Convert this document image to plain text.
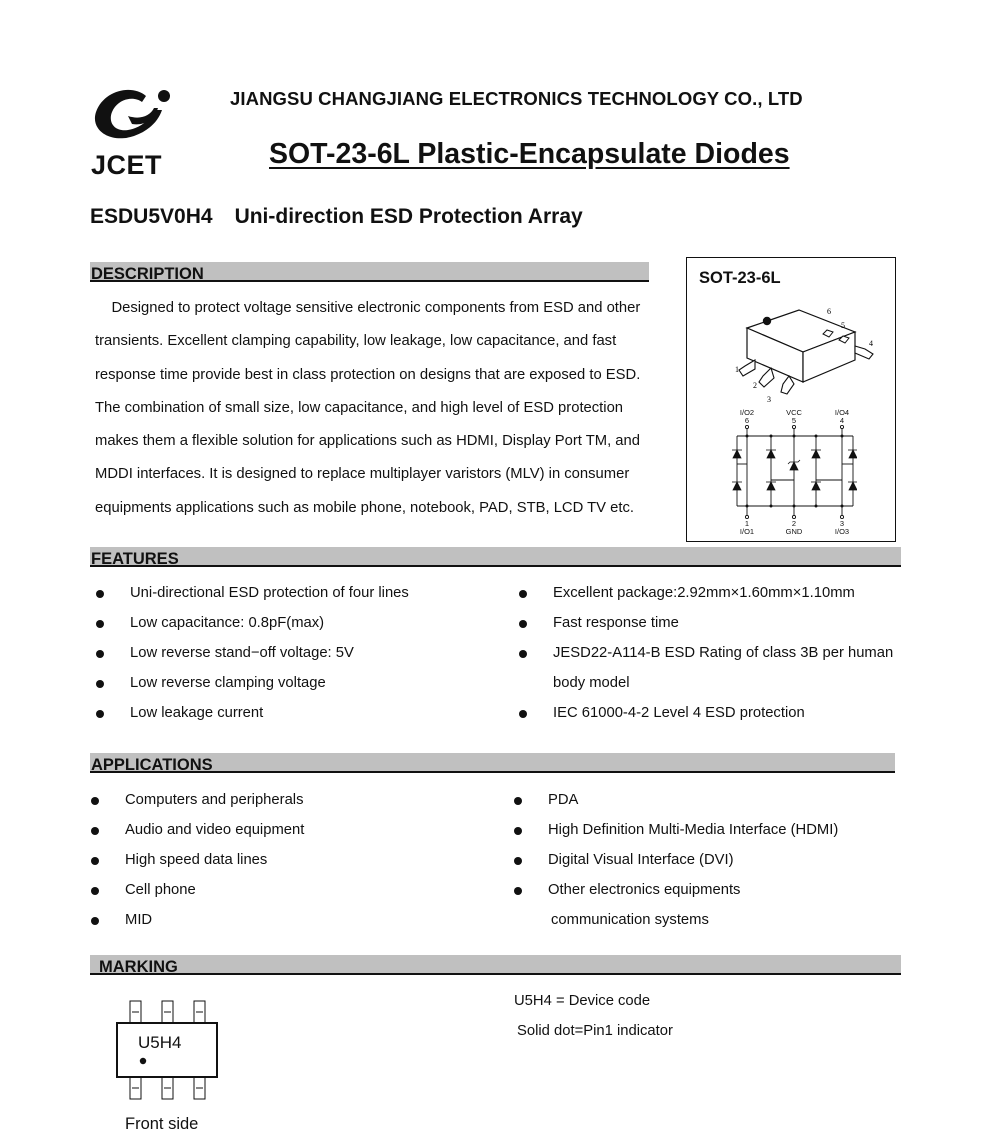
JCET
JIANGSU CHANGJIANG ELECTRONICS TECHNOLOGY CO., LTD
SOT-23-6L Plastic-Encapsulate Diodes
ESDU5V0H4 Uni-direction ESD Protection Array
DESCRIPTION

Designed to protect voltage sensitive electronic components from ESD and other

transients. Excellent clamping capability, low leakage, low capacitance, and fast

response time provide best in class protection on designs that are exposed to ESD.

The combination of small size, low capacitance, and high level of ESD protection

makes them a flexible solution for applications such as HDMI, Display Port TM, and

MDDI interfaces. It is designed to replace multiplayer varistors (MLV) in consumer

equipments applications such as mobile phone, notebook, PAD, STB, LCD TV etc.

SOT-23-6L
6
5
4
1
2
3
I/O2
6
VCC
5
I/O4
4
1
I/O1
2
GND
3
I/O3
FEATURES
Uni-directional ESD protection of four lines
Low capacitance: 0.8pF(max)
Low reverse stand−off voltage: 5V
Low reverse clamping voltage
Low leakage current
Excellent package:2.92mm×1.60mm×1.10mm
Fast response time
JESD22-A114-B ESD Rating of class 3B per human
body model
IEC 61000-4-2 Level 4 ESD protection
APPLICATIONS
Computers and peripherals
Audio and video equipment
High speed data lines
Cell phone
MID
PDA
High Definition Multi-Media Interface (HDMI)
Digital Visual Interface (DVI)
Other electronics equipments
communication systems
MARKING
U5H4
Front side
U5H4 = Device code
Solid dot=Pin1 indicator
